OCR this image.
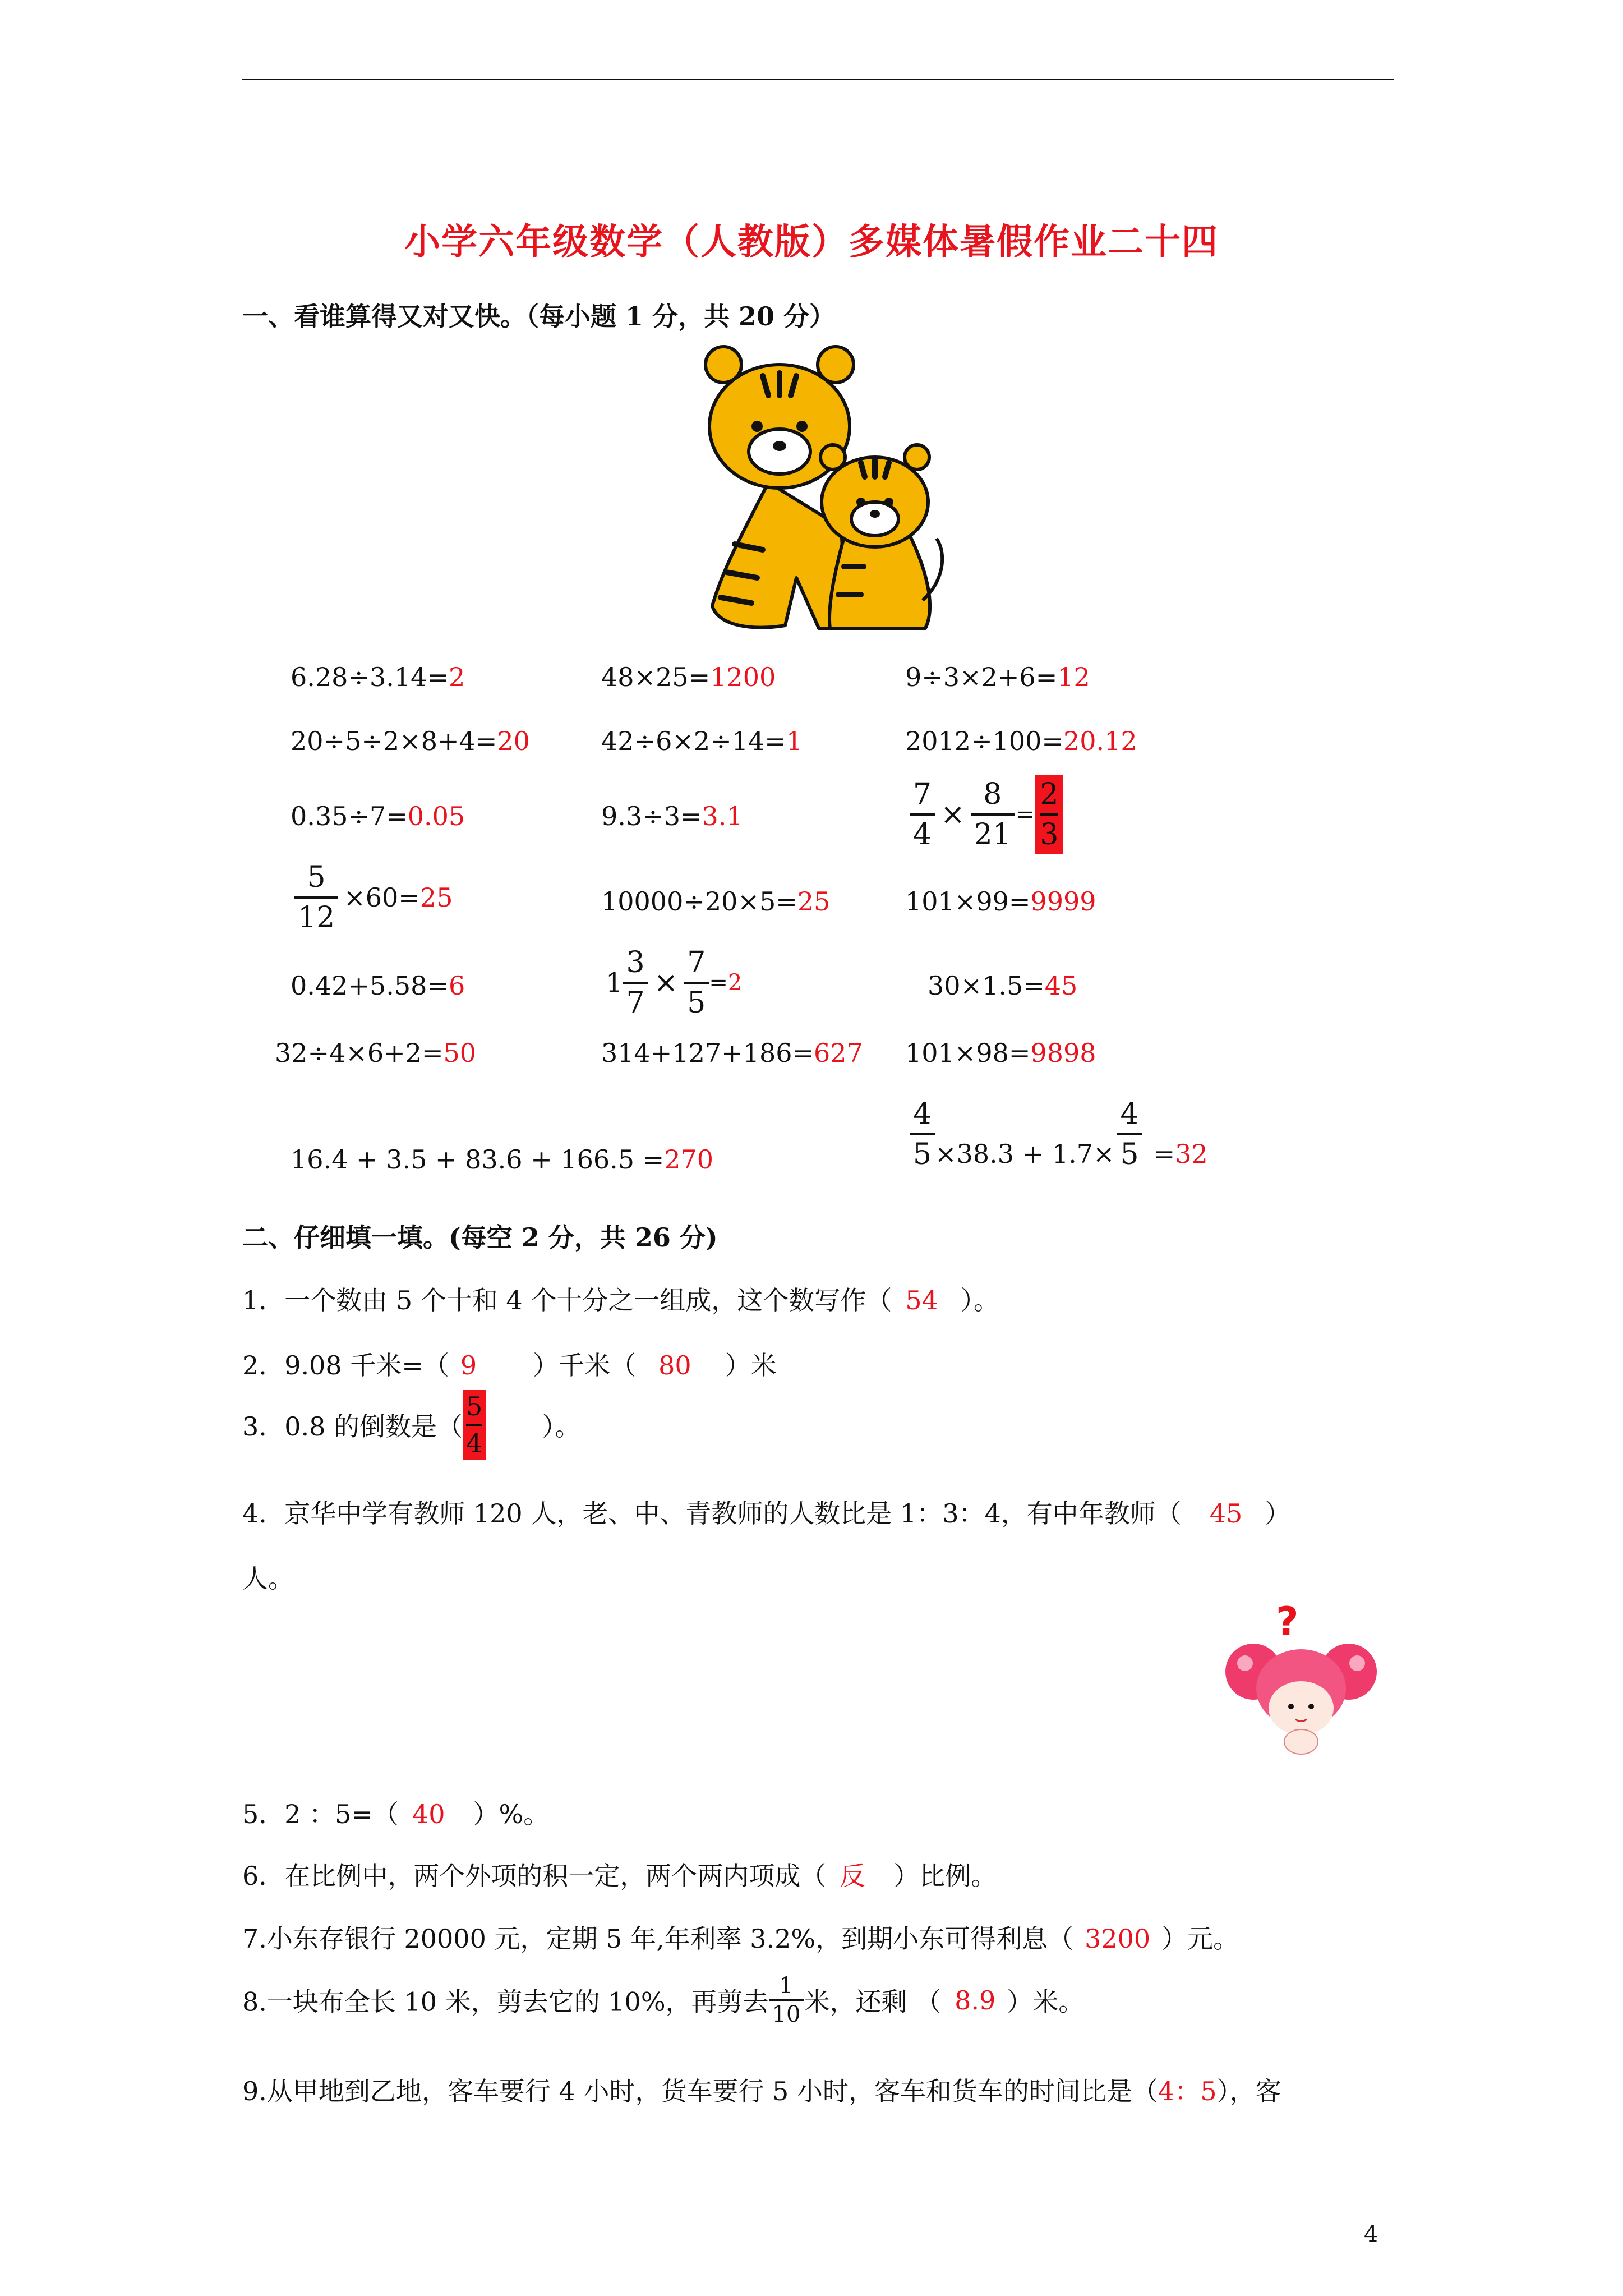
小学六年级数学（人教版）多媒体暑假作业二十四
一、看谁算得又对又快。（每小题 1 分，共 20 分）
6.28÷3.14=2	48×25=1200	9÷3×2+6=12
20÷5÷2×8+4=20	42÷6×2÷14=1	2012÷100=20.12
0.35÷7=0.05	9.3÷3=3.1	$\frac{7}{4} \times \frac{8}{21} = \frac{2}{3}$
$\frac{5}{12} \times 60=25$	10000÷20×5=25	101×99=9999
0.42+5.58=6	$1 \frac{3}{7} \times \frac{7}{5} =2$	30×1.5=45
32÷4×6+2=50	314+127+186=627 101×98=9898
16.4 + 3.5 + 83.6 + 166.5 =270	$\frac{4}{5} \times 38.3 + 1.7\times \frac{4}{5} =32$
二、仔细填一填。(每空 2 分，共 26 分)
1．一个数由 5 个十和 4 个十分之一组成，这个数写作（ 54 ）。
2．9.08 千米=（ 9 ）千米（ 80 ）米
3．0.8 的倒数是（ $\frac{5}{4}$ ）。
4．京华中学有教师 120 人，老、中、青教师的人数比是 1：3：4，有中年教师（ 45 ）
人。
?
5．2 ：5=（ 40 ）%。
6．在比例中，两个外项的积一定，两个两内项成（ 反 ）比例。
7.小东存银行 20000 元，定期 5 年,年利率 3.2%，到期小东可得利息（ 3200 ）元。
8.一块布全长 10 米，剪去它的 10%，再剪去 $\frac{1}{10}$ 米，还剩 （ 8.9 ）米。
9.从甲地到乙地，客车要行 4 小时，货车要行 5 小时，客车和货车的时间比是（4：5），客
4
